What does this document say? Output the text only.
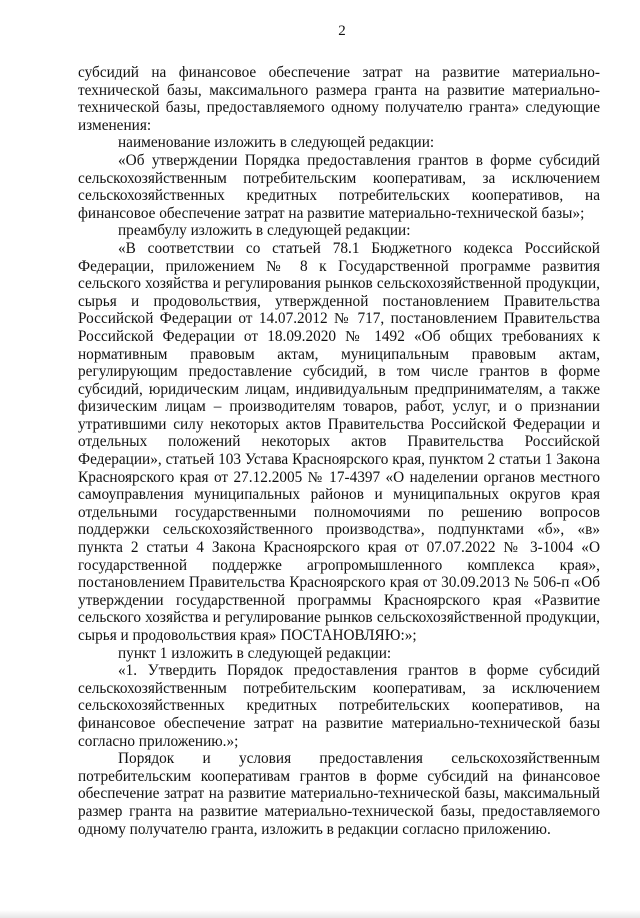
2

субсидий на финансовое обеспечение затрат на развитие материально-технической базы, максимального размера гранта на развитие материально-технической базы, предоставляемого одному получателю гранта» следующие изменения:

наименование изложить в следующей редакции:

«Об утверждении Порядка предоставления грантов в форме субсидий сельскохозяйственным потребительским кооперативам, за исключением сельскохозяйственных кредитных потребительских кооперативов, на финансовое обеспечение затрат на развитие материально-технической базы»;

преамбулу изложить в следующей редакции:

«В соответствии со статьей 78.1 Бюджетного кодекса Российской Федерации, приложением № 8 к Государственной программе развития сельского хозяйства и регулирования рынков сельскохозяйственной продукции, сырья и продовольствия, утвержденной постановлением Правительства Российской Федерации от 14.07.2012 № 717, постановлением Правительства Российской Федерации от 18.09.2020 № 1492 «Об общих требованиях к нормативным правовым актам, муниципальным правовым актам, регулирующим предоставление субсидий, в том числе грантов в форме субсидий, юридическим лицам, индивидуальным предпринимателям, а также физическим лицам – производителям товаров, работ, услуг, и о признании утратившими силу некоторых актов Правительства Российской Федерации и отдельных положений некоторых актов Правительства Российской Федерации», статьей 103 Устава Красноярского края, пунктом 2 статьи 1 Закона Красноярского края от 27.12.2005 № 17-4397 «О наделении органов местного самоуправления муниципальных районов и муниципальных округов края отдельными государственными полномочиями по решению вопросов поддержки сельскохозяйственного производства», подпунктами «б», «в» пункта 2 статьи 4 Закона Красноярского края от 07.07.2022 № 3-1004 «О государственной поддержке агропромышленного комплекса края», постановлением Правительства Красноярского края от 30.09.2013 № 506-п «Об утверждении государственной программы Красноярского края «Развитие сельского хозяйства и регулирование рынков сельскохозяйственной продукции, сырья и продовольствия края» ПОСТАНОВЛЯЮ:»;

пункт 1 изложить в следующей редакции:

«1. Утвердить Порядок предоставления грантов в форме субсидий сельскохозяйственным потребительским кооперативам, за исключением сельскохозяйственных кредитных потребительских кооперативов, на финансовое обеспечение затрат на развитие материально-технической базы согласно приложению.»;

Порядок и условия предоставления сельскохозяйственным потребительским кооперативам грантов в форме субсидий на финансовое обеспечение затрат на развитие материально-технической базы, максимальный размер гранта на развитие материально-технической базы, предоставляемого одному получателю гранта, изложить в редакции согласно приложению.
